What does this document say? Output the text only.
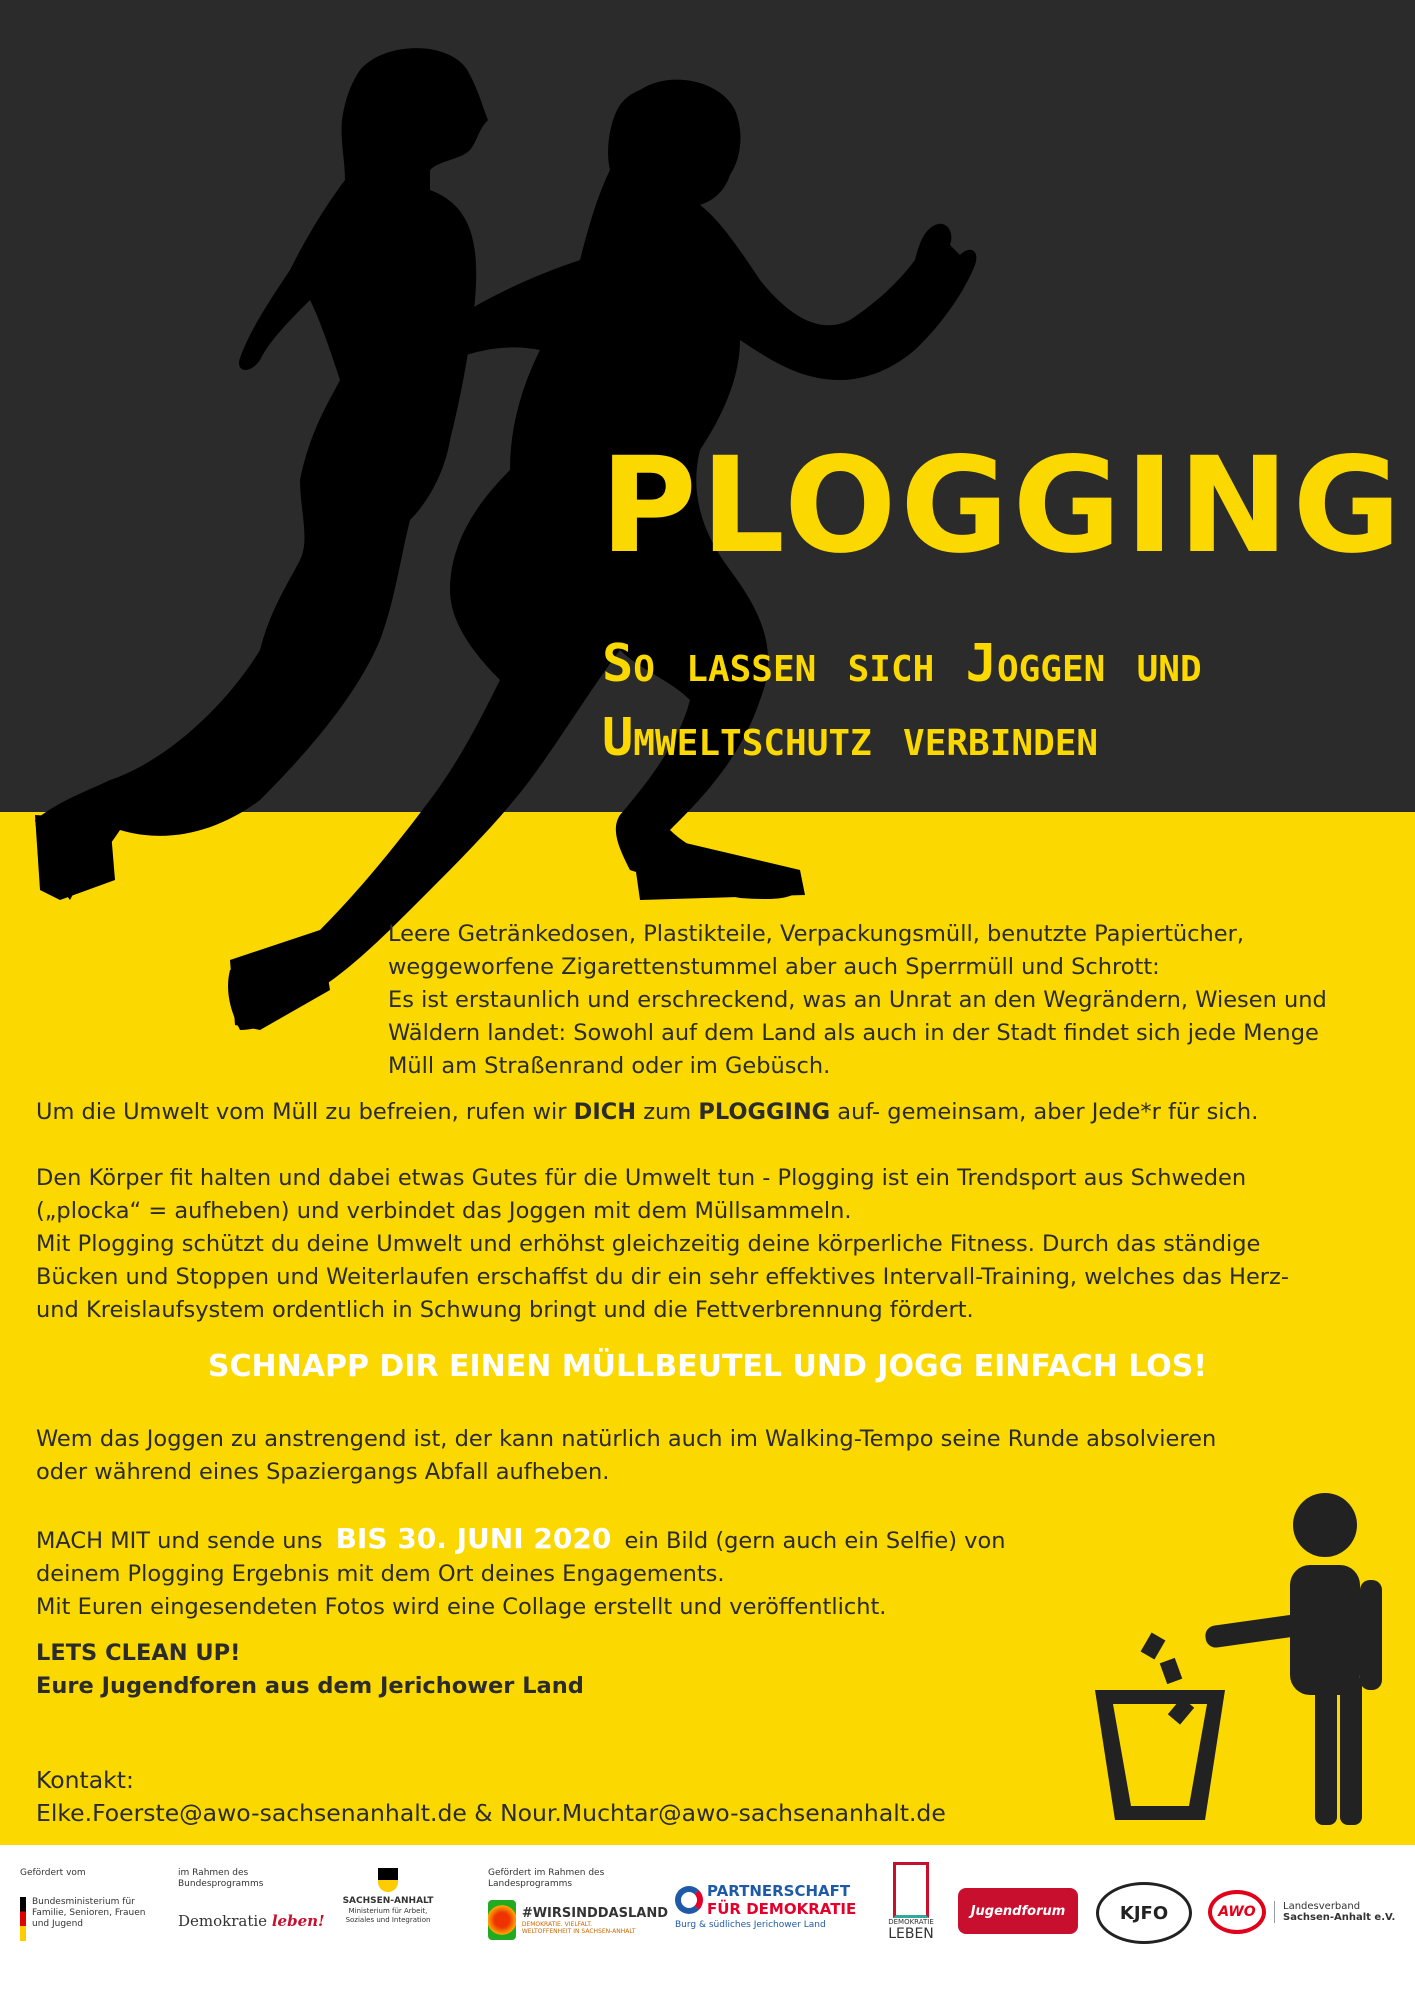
PLOGGING

So lassen sich Joggen und

Umweltschutz verbinden

Leere Getränkedosen, Plastikteile, Verpackungsmüll, benutzte Papiertücher,

weggeworfene Zigarettenstummel aber auch Sperrmüll und Schrott:

Es ist erstaunlich und erschreckend, was an Unrat an den Wegrändern, Wiesen und

Wäldern landet: Sowohl auf dem Land als auch in der Stadt findet sich jede Menge

Müll am Straßenrand oder im Gebüsch.

Um die Umwelt vom Müll zu befreien, rufen wir DICH zum PLOGGING auf- gemeinsam, aber Jede*r für sich.

Den Körper fit halten und dabei etwas Gutes für die Umwelt tun - Plogging ist ein Trendsport aus Schweden

(„plocka“ = aufheben) und verbindet das Joggen mit dem Müllsammeln.

Mit Plogging schützt du deine Umwelt und erhöhst gleichzeitig deine körperliche Fitness. Durch das ständige

Bücken und Stoppen und Weiterlaufen erschaffst du dir ein sehr effektives Intervall-Training, welches das Herz-

und Kreislaufsystem ordentlich in Schwung bringt und die Fettverbrennung fördert.

SCHNAPP DIR EINEN MÜLLBEUTEL UND JOGG EINFACH LOS!

Wem das Joggen zu anstrengend ist, der kann natürlich auch im Walking-Tempo seine Runde absolvieren

oder während eines Spaziergangs Abfall aufheben.

MACH MIT und sende uns BIS 30. JUNI 2020 ein Bild (gern auch ein Selfie) von

deinem Plogging Ergebnis mit dem Ort deines Engagements.

Mit Euren eingesendeten Fotos wird eine Collage erstellt und veröffentlicht.

LETS CLEAN UP!

Eure Jugendforen aus dem Jerichower Land

Kontakt:

Elke.Foerste@awo-sachsenanhalt.de & Nour.Muchtar@awo-sachsenanhalt.de

Gefördert vom
Bundesministerium für Familie, Senioren, Frauen und Jugend
im Rahmen des Bundesprogramms
Demokratie leben!
SACHSEN-ANHALT
Ministerium für Arbeit, Soziales und Integration
Gefördert im Rahmen des Landesprogramms
#WIRSINDDASLAND
DEMOKRATIE. VIELFALT. WELTOFFENHEIT IN SACHSEN-ANHALT
PARTNERSCHAFT
FÜR DEMOKRATIE
Burg & südliches Jerichower Land	DEMOKRATIE
LEBEN
Jugendforum	KJFO	AWO	Landesverband
Sachsen-Anhalt e.V.
